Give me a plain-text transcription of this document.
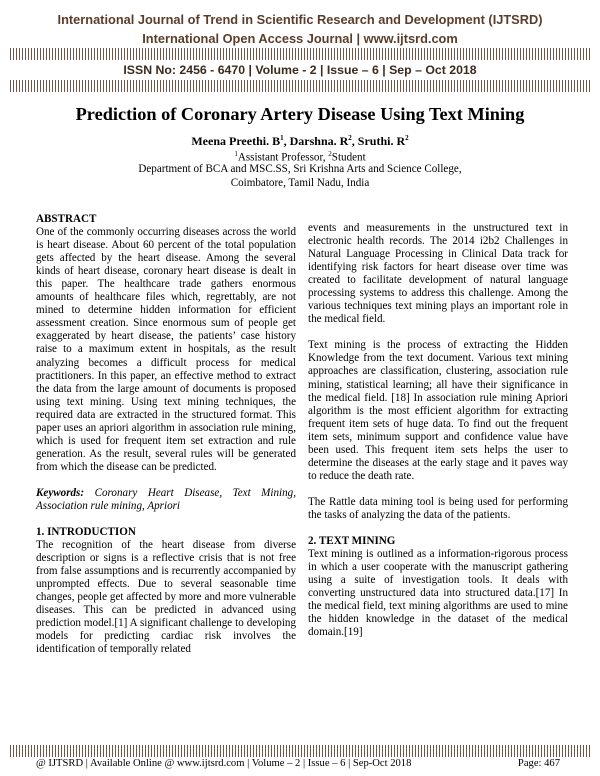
International Journal of Trend in Scientific Research and Development (IJTSRD)
International Open Access Journal | www.ijtsrd.com
ISSN No: 2456 - 6470 | Volume - 2 | Issue – 6 | Sep – Oct 2018
Prediction of Coronary Artery Disease Using Text Mining
Meena Preethi. $B^1$, Darshna. $R^2$, Sruthi. $R^2$
$^1$Assistant Professor, $^2$Student
Department of BCA and MSC.SS, Sri Krishna Arts and Science College,
Coimbatore, Tamil Nadu, India

ABSTRACT

One of the commonly occurring diseases across the world is heart disease. About 60 percent of the total population gets affected by the heart disease. Among the several kinds of heart disease, coronary heart disease is dealt in this paper. The healthcare trade gathers enormous amounts of healthcare files which, regrettably, are not mined to determine hidden information for efficient assessment creation. Since enormous sum of people get exaggerated by heart disease, the patients’ case history raise to a maximum extent in hospitals, as the result analyzing becomes a difficult process for medical practitioners. In this paper, an effective method to extract the data from the large amount of documents is proposed using text mining. Using text mining techniques, the required data are extracted in the structured format. This paper uses an apriori algorithm in association rule mining, which is used for frequent item set extraction and rule generation. As the result, several rules will be generated from which the disease can be predicted.

Keywords: Coronary Heart Disease, Text Mining, Association rule mining, Apriori

1. INTRODUCTION

The recognition of the heart disease from diverse description or signs is a reflective crisis that is not free from false assumptions and is recurrently accompanied by unprompted effects. Due to several seasonable time changes, people get affected by more and more vulnerable diseases. This can be predicted in advanced using prediction model.[1] A significant challenge to developing models for predicting cardiac risk involves the identification of temporally related

events and measurements in the unstructured text in electronic health records. The 2014 i2b2 Challenges in Natural Language Processing in Clinical Data track for identifying risk factors for heart disease over time was created to facilitate development of natural language processing systems to address this challenge. Among the various techniques text mining plays an important role in the medical field.

Text mining is the process of extracting the Hidden Knowledge from the text document. Various text mining approaches are classification, clustering, association rule mining, statistical learning; all have their significance in the medical field. [18] In association rule mining Apriori algorithm is the most efficient algorithm for extracting frequent item sets of huge data. To find out the frequent item sets, minimum support and confidence value have been used. This frequent item sets helps the user to determine the diseases at the early stage and it paves way to reduce the death rate.

The Rattle data mining tool is being used for performing the tasks of analyzing the data of the patients.

2. TEXT MINING

Text mining is outlined as a information-rigorous process in which a user cooperate with the manuscript gathering using a suite of investigation tools. It deals with converting unstructured data into structured data.[17] In the medical field, text mining algorithms are used to mine the hidden knowledge in the dataset of the medical domain.[19]

@ IJTSRD | Available Online @ www.ijtsrd.com | Volume – 2 | Issue – 6 | Sep-Oct 2018	Page: 467
